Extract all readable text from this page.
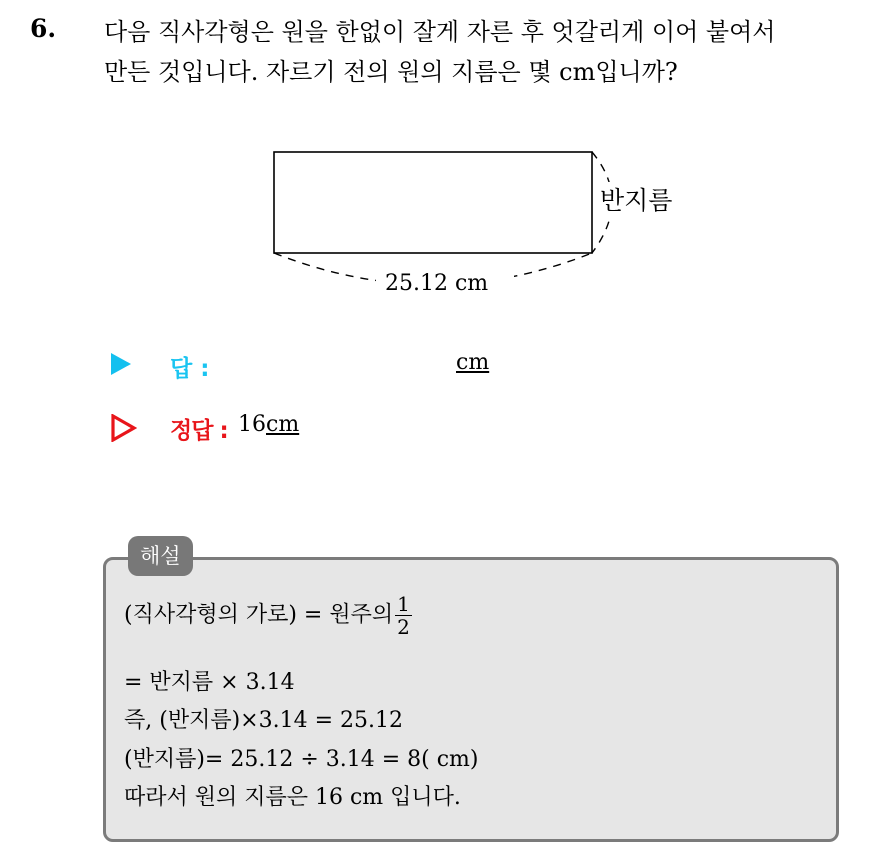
6. 다음 직사각형은 원을 한없이 잘게 자른 후 엇갈리게 이어 붙여서
만든 것입니다. 자르기 전의 원의 지름은 몇 cm입니까?
25.12 cm
반지름
답 :	cm
정답 : 16cm
해설
(직사각형의 가로) = 원주의 $\frac{1}{2}$
= 반지름 × 3.14
즉, (반지름)×3.14 = 25.12
(반지름)= 25.12 ÷ 3.14 = 8( cm)
따라서 원의 지름은 16 cm 입니다.
